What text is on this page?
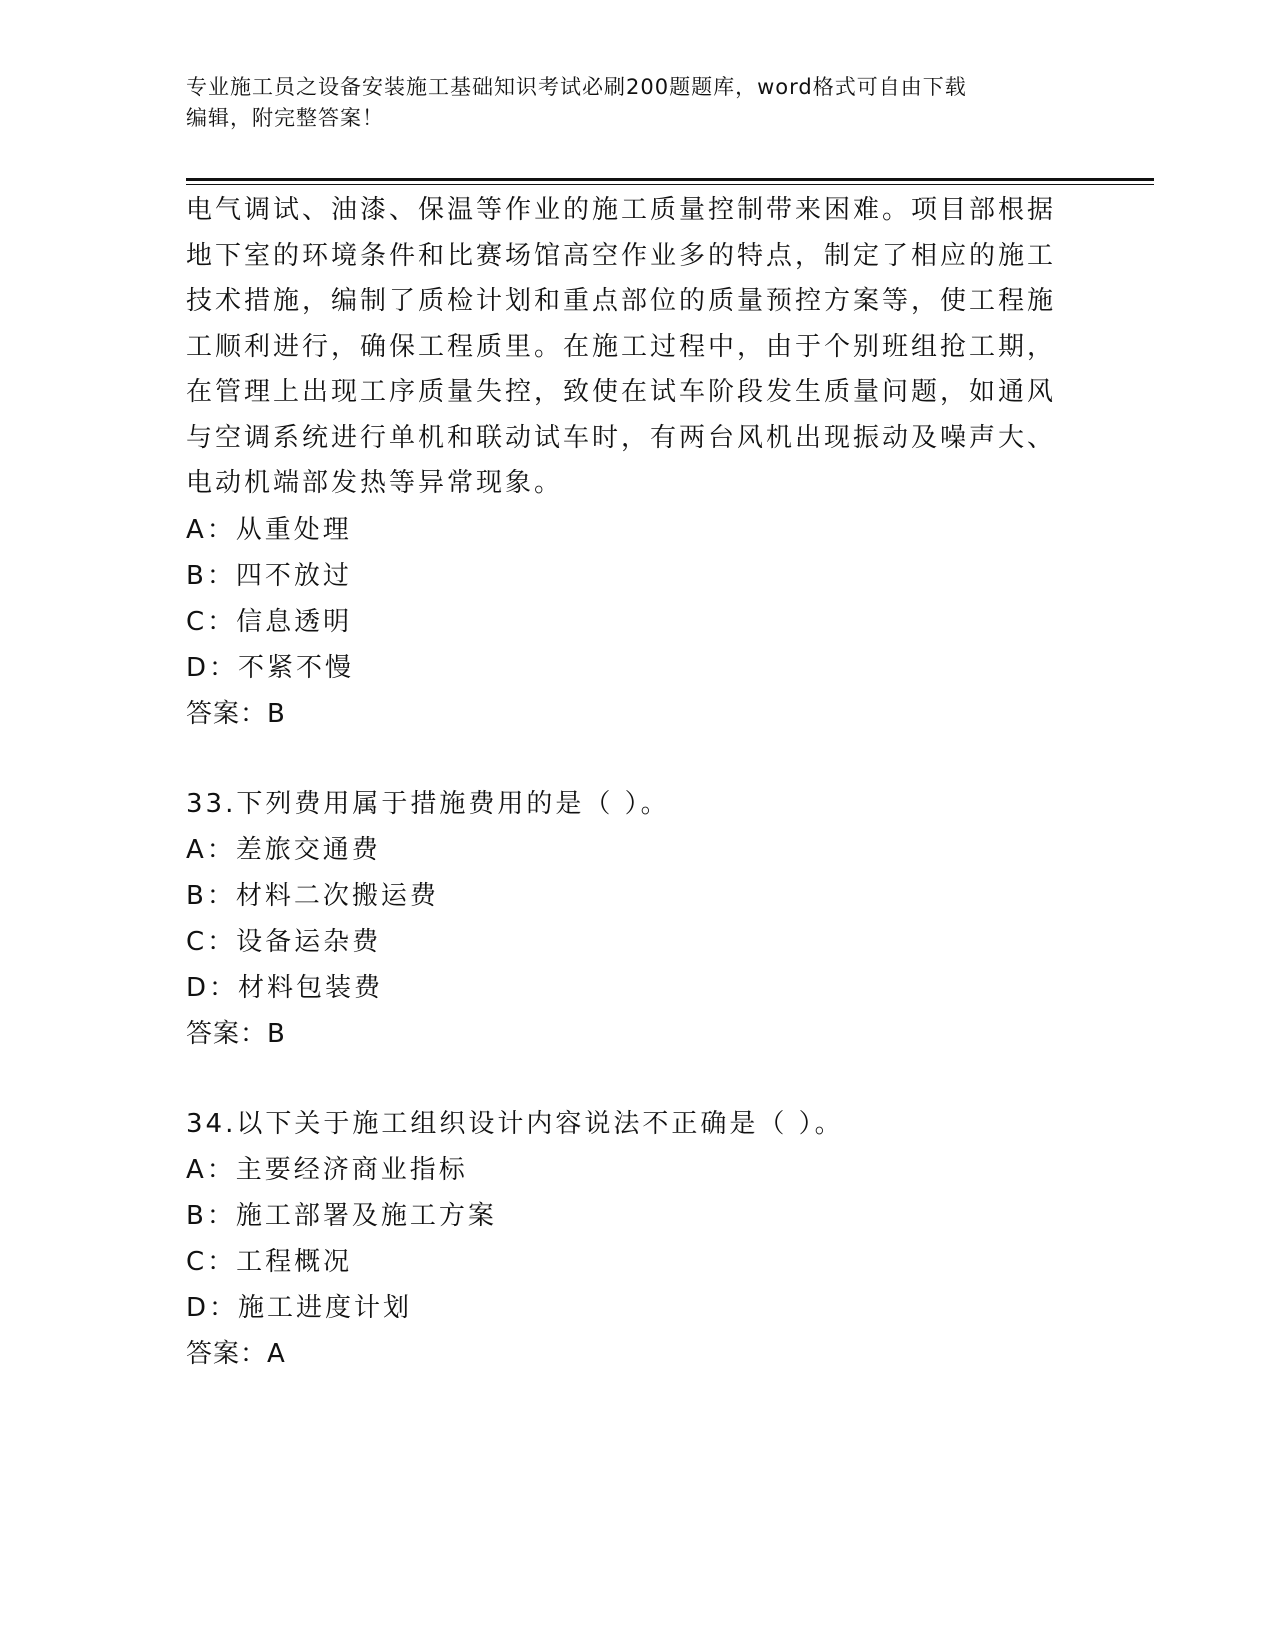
专业施工员之设备安装施工基础知识考试必刷200题题库，word格式可自由下载
编辑，附完整答案！

电气调试、油漆、保温等作业的施工质量控制带来困难。项目部根据

地下室的环境条件和比赛场馆高空作业多的特点，制定了相应的施工

技术措施，编制了质检计划和重点部位的质量预控方案等，使工程施

工顺利进行，确保工程质里。在施工过程中，由于个别班组抢工期，

在管理上出现工序质量失控，致使在试车阶段发生质量问题，如通风

与空调系统进行单机和联动试车时，有两台风机出现振动及噪声大、

电动机端部发热等异常现象。

A：从重处理
B：四不放过
C：信息透明
D：不紧不慢
答案：B
33.下列费用属于措施费用的是（ ）。
A：差旅交通费
B：材料二次搬运费
C：设备运杂费
D：材料包装费
答案：B
34.以下关于施工组织设计内容说法不正确是（ ）。
A：主要经济商业指标
B：施工部署及施工方案
C：工程概况
D：施工进度计划
答案：A
